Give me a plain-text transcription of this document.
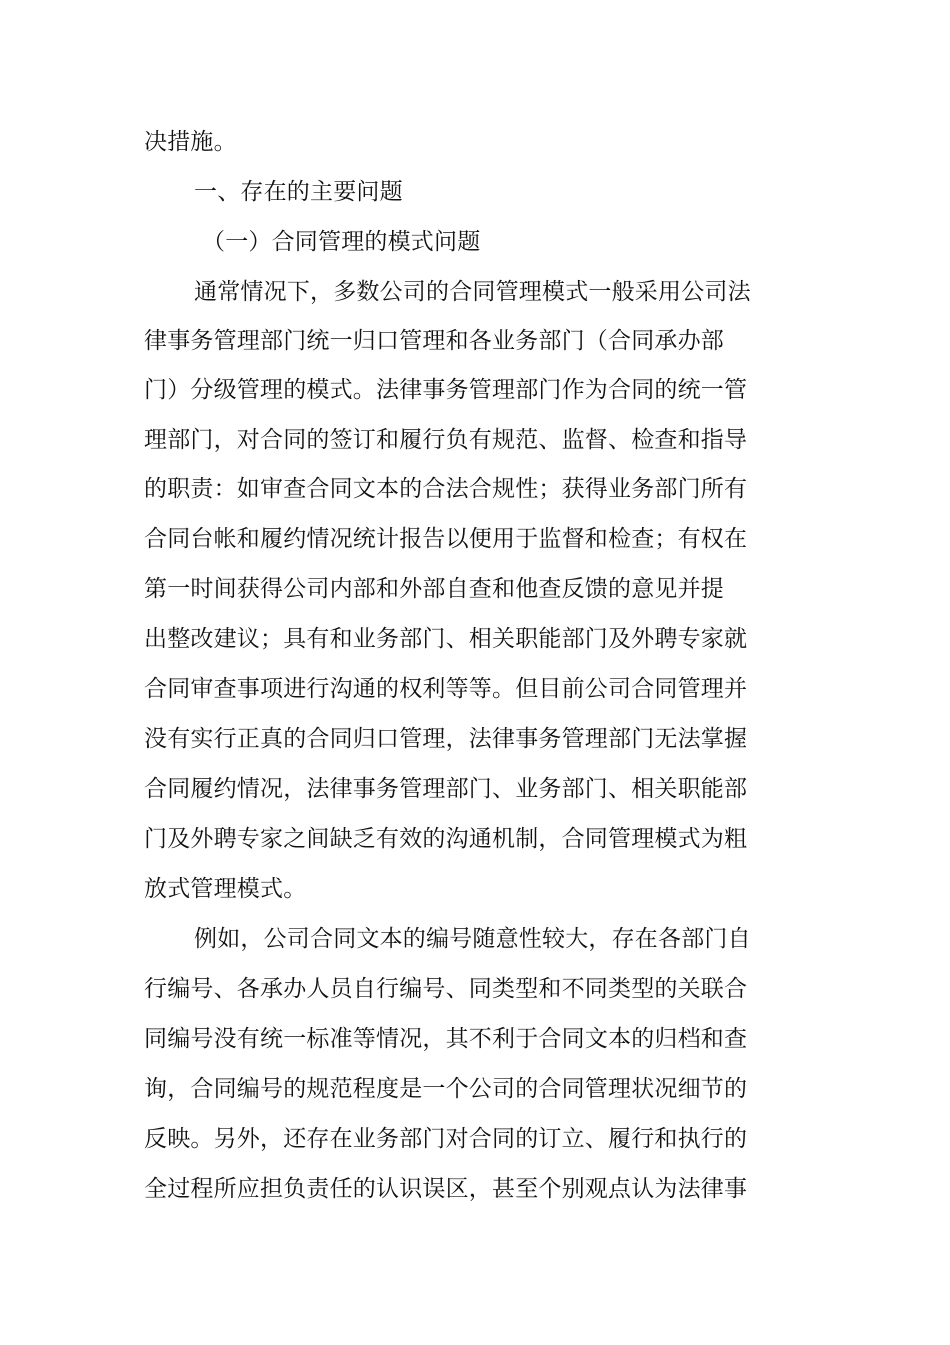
决措施。
一、存在的主要问题
（一）合同管理的模式问题
通常情况下，多数公司的合同管理模式一般采用公司法
律事务管理部门统一归口管理和各业务部门（合同承办部
门）分级管理的模式。法律事务管理部门作为合同的统一管
理部门，对合同的签订和履行负有规范、监督、检查和指导
的职责：如审查合同文本的合法合规性；获得业务部门所有
合同台帐和履约情况统计报告以便用于监督和检查；有权在
第一时间获得公司内部和外部自查和他查反馈的意见并提
出整改建议；具有和业务部门、相关职能部门及外聘专家就
合同审查事项进行沟通的权利等等。但目前公司合同管理并
没有实行正真的合同归口管理，法律事务管理部门无法掌握
合同履约情况，法律事务管理部门、业务部门、相关职能部
门及外聘专家之间缺乏有效的沟通机制，合同管理模式为粗
放式管理模式。
例如，公司合同文本的编号随意性较大，存在各部门自
行编号、各承办人员自行编号、同类型和不同类型的关联合
同编号没有统一标准等情况，其不利于合同文本的归档和查
询，合同编号的规范程度是一个公司的合同管理状况细节的
反映。另外，还存在业务部门对合同的订立、履行和执行的
全过程所应担负责任的认识误区，甚至个别观点认为法律事
